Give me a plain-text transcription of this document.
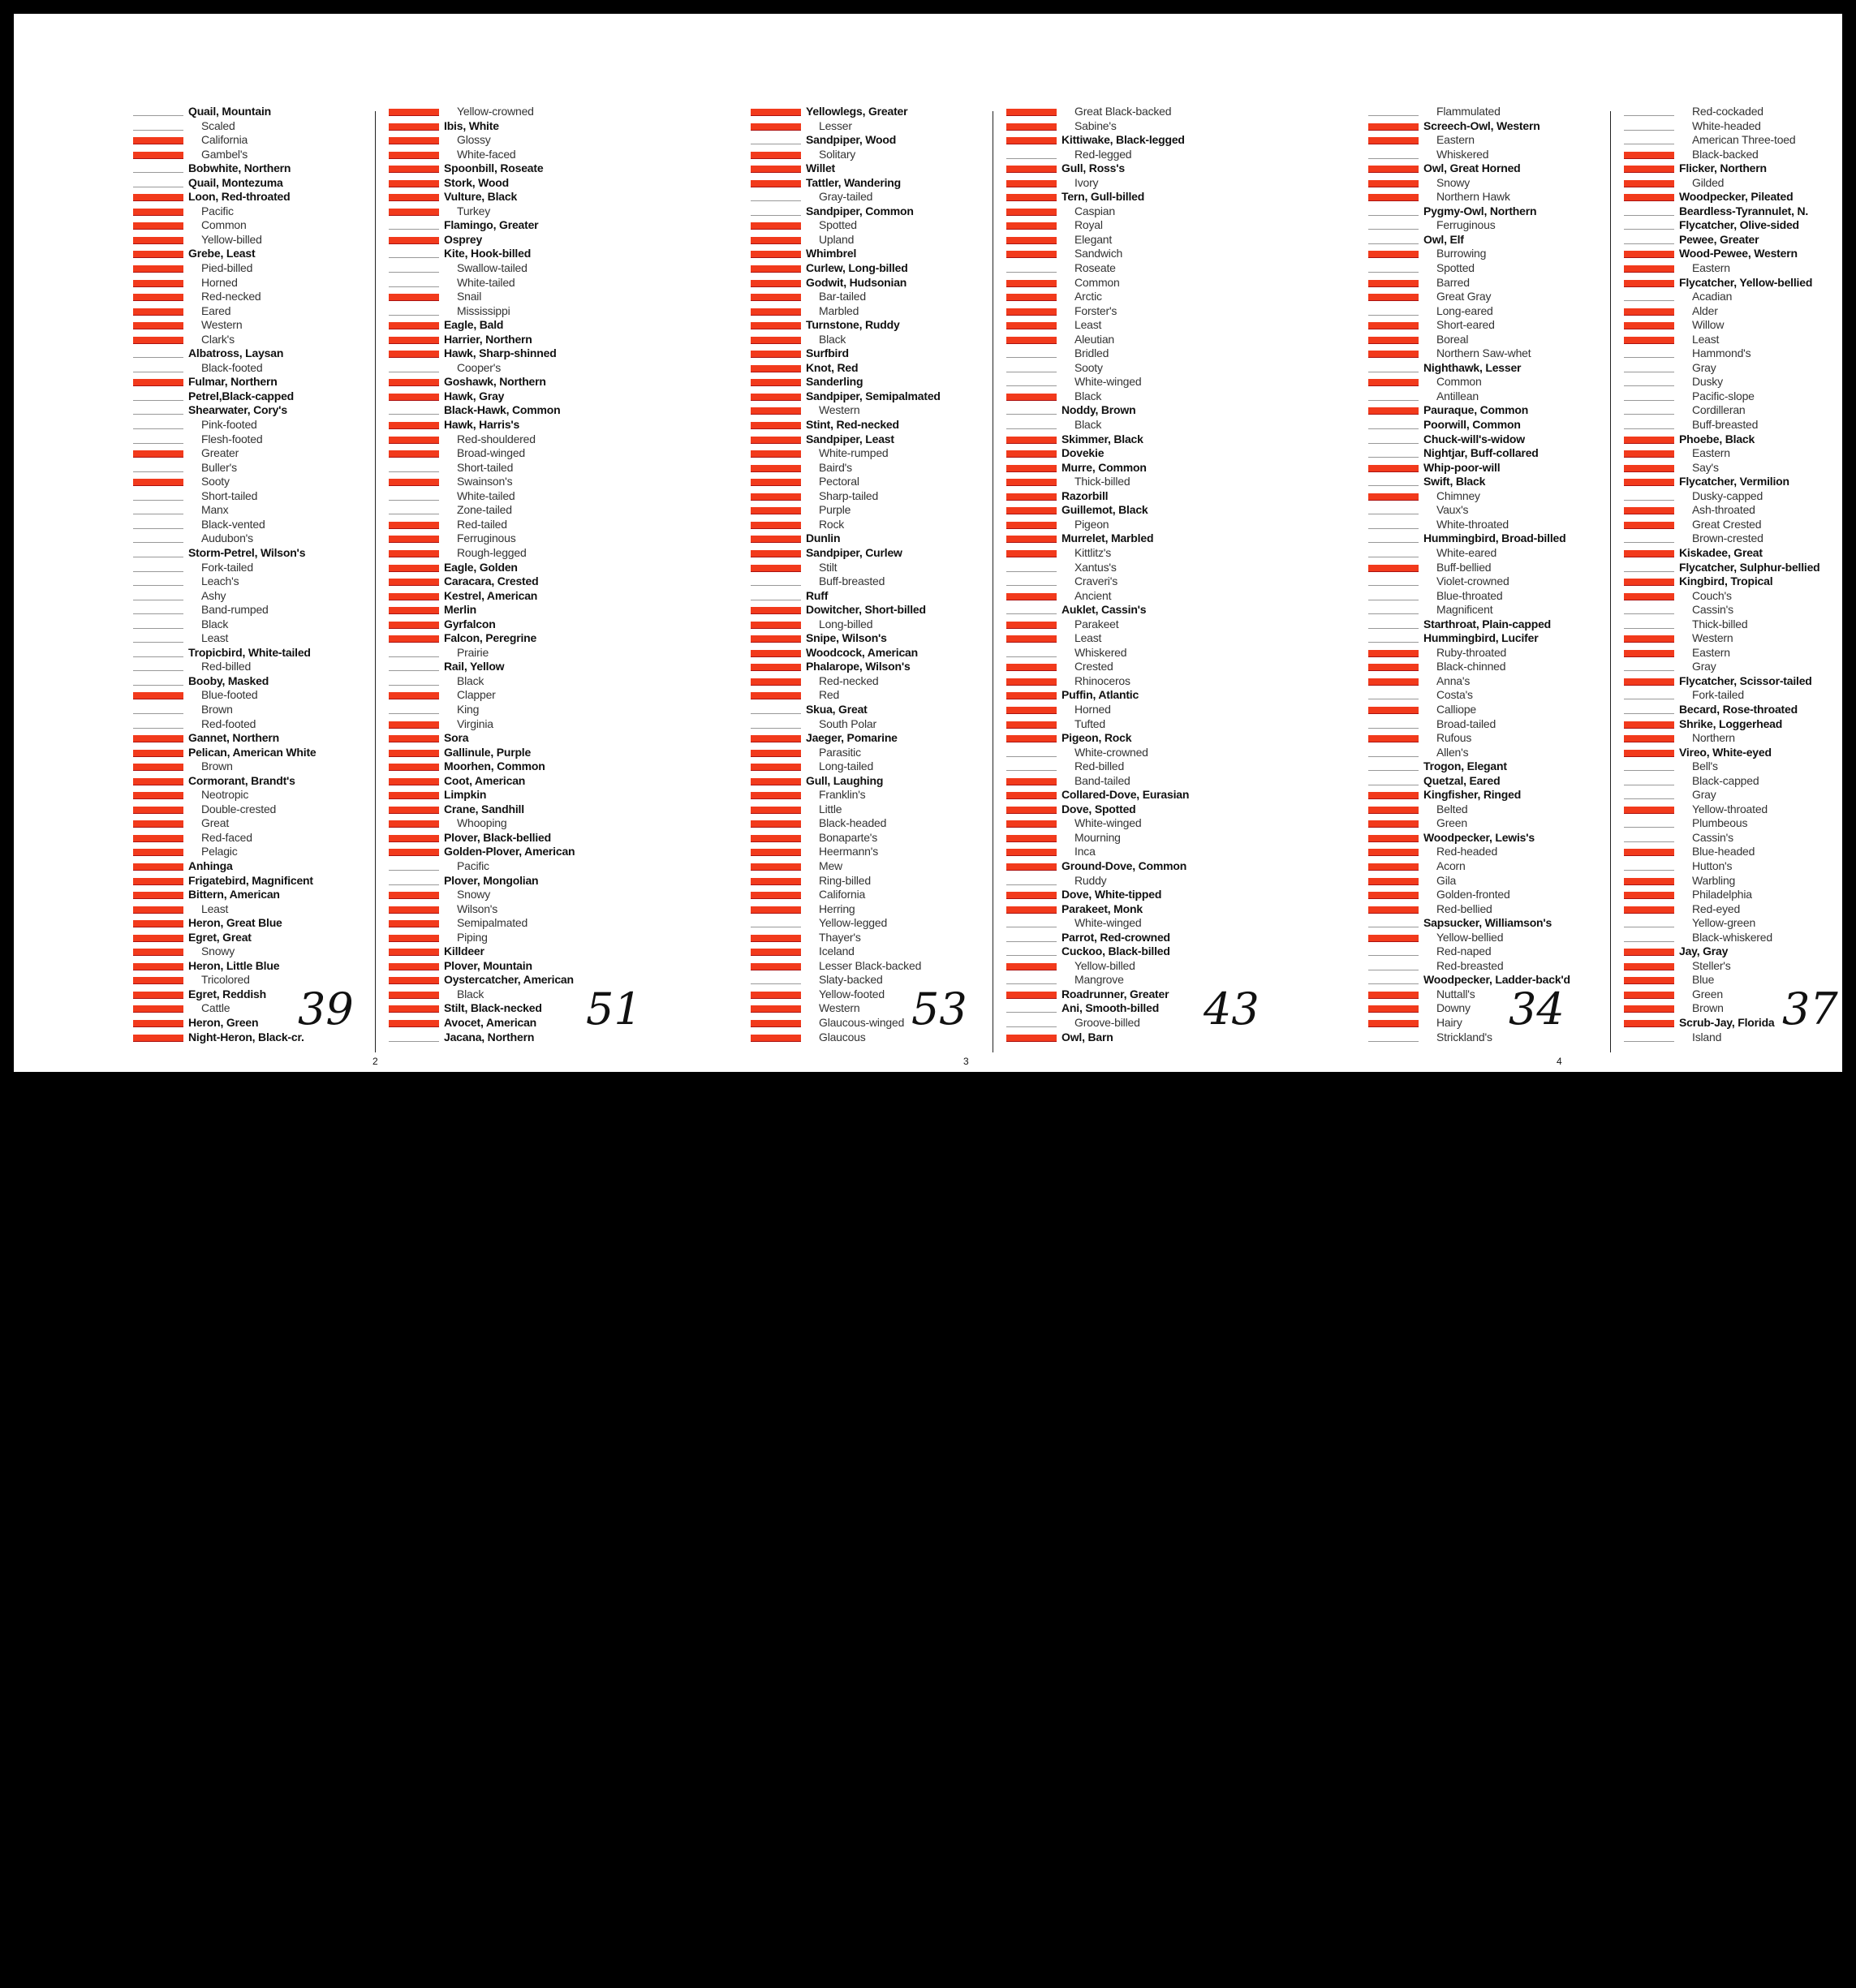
Quail, Mountain
Scaled
California
Gambel's
Bobwhite, Northern
Quail, Montezuma
Loon, Red-throated
Pacific
Common
Yellow-billed
Grebe, Least
Pied-billed
Horned
Red-necked
Eared
Western
Clark's
Albatross, Laysan
Black-footed
Fulmar, Northern
Petrel,Black-capped
Shearwater, Cory's
Pink-footed
Flesh-footed
Greater
Buller's
Sooty
Short-tailed
Manx
Black-vented
Audubon's
Storm-Petrel, Wilson's
Fork-tailed
Leach's
Ashy
Band-rumped
Black
Least
Tropicbird, White-tailed
Red-billed
Booby, Masked
Blue-footed
Brown
Red-footed
Gannet, Northern
Pelican, American White
Brown
Cormorant, Brandt's
Neotropic
Double-crested
Great
Red-faced
Pelagic
Anhinga
Frigatebird, Magnificent
Bittern, American
Least
Heron, Great Blue
Egret, Great
Snowy
Heron, Little Blue
Tricolored
Egret, Reddish
Cattle
Heron, Green
Night-Heron, Black-cr.
Yellow-crowned
Ibis, White
Glossy
White-faced
Spoonbill, Roseate
Stork, Wood
Vulture, Black
Turkey
Flamingo, Greater
Osprey
Kite, Hook-billed
Swallow-tailed
White-tailed
Snail
Mississippi
Eagle, Bald
Harrier, Northern
Hawk, Sharp-shinned
Cooper's
Goshawk, Northern
Hawk, Gray
Black-Hawk, Common
Hawk, Harris's
Red-shouldered
Broad-winged
Short-tailed
Swainson's
White-tailed
Zone-tailed
Red-tailed
Ferruginous
Rough-legged
Eagle, Golden
Caracara, Crested
Kestrel, American
Merlin
Gyrfalcon
Falcon, Peregrine
Prairie
Rail, Yellow
Black
Clapper
King
Virginia
Sora
Gallinule, Purple
Moorhen, Common
Coot, American
Limpkin
Crane, Sandhill
Whooping
Plover, Black-bellied
Golden-Plover, American
Pacific
Plover, Mongolian
Snowy
Wilson's
Semipalmated
Piping
Killdeer
Plover, Mountain
Oystercatcher, American
Black
Stilt, Black-necked
Avocet, American
Jacana, Northern
39	51
Yellowlegs, Greater
Lesser
Sandpiper, Wood
Solitary
Willet
Tattler, Wandering
Gray-tailed
Sandpiper, Common
Spotted
Upland
Whimbrel
Curlew, Long-billed
Godwit, Hudsonian
Bar-tailed
Marbled
Turnstone, Ruddy
Black
Surfbird
Knot, Red
Sanderling
Sandpiper, Semipalmated
Western
Stint, Red-necked
Sandpiper, Least
White-rumped
Baird's
Pectoral
Sharp-tailed
Purple
Rock
Dunlin
Sandpiper, Curlew
Stilt
Buff-breasted
Ruff
Dowitcher, Short-billed
Long-billed
Snipe, Wilson's
Woodcock, American
Phalarope, Wilson's
Red-necked
Red
Skua, Great
South Polar
Jaeger, Pomarine
Parasitic
Long-tailed
Gull, Laughing
Franklin's
Little
Black-headed
Bonaparte's
Heermann's
Mew
Ring-billed
California
Herring
Yellow-legged
Thayer's
Iceland
Lesser Black-backed
Slaty-backed
Yellow-footed
Western
Glaucous-winged
Glaucous
Great Black-backed
Sabine's
Kittiwake, Black-legged
Red-legged
Gull, Ross's
Ivory
Tern, Gull-billed
Caspian
Royal
Elegant
Sandwich
Roseate
Common
Arctic
Forster's
Least
Aleutian
Bridled
Sooty
White-winged
Black
Noddy, Brown
Black
Skimmer, Black
Dovekie
Murre, Common
Thick-billed
Razorbill
Guillemot, Black
Pigeon
Murrelet, Marbled
Kittlitz's
Xantus's
Craveri's
Ancient
Auklet, Cassin's
Parakeet
Least
Whiskered
Crested
Rhinoceros
Puffin, Atlantic
Horned
Tufted
Pigeon, Rock
White-crowned
Red-billed
Band-tailed
Collared-Dove, Eurasian
Dove, Spotted
White-winged
Mourning
Inca
Ground-Dove, Common
Ruddy
Dove, White-tipped
Parakeet, Monk
White-winged
Parrot, Red-crowned
Cuckoo, Black-billed
Yellow-billed
Mangrove
Roadrunner, Greater
Ani, Smooth-billed
Groove-billed
Owl, Barn
53	43
Flammulated
Screech-Owl, Western
Eastern
Whiskered
Owl, Great Horned
Snowy
Northern Hawk
Pygmy-Owl, Northern
Ferruginous
Owl, Elf
Burrowing
Spotted
Barred
Great Gray
Long-eared
Short-eared
Boreal
Northern Saw-whet
Nighthawk, Lesser
Common
Antillean
Pauraque, Common
Poorwill, Common
Chuck-will's-widow
Nightjar, Buff-collared
Whip-poor-will
Swift, Black
Chimney
Vaux's
White-throated
Hummingbird, Broad-billed
White-eared
Buff-bellied
Violet-crowned
Blue-throated
Magnificent
Starthroat, Plain-capped
Hummingbird, Lucifer
Ruby-throated
Black-chinned
Anna's
Costa's
Calliope
Broad-tailed
Rufous
Allen's
Trogon, Elegant
Quetzal, Eared
Kingfisher, Ringed
Belted
Green
Woodpecker, Lewis's
Red-headed
Acorn
Gila
Golden-fronted
Red-bellied
Sapsucker, Williamson's
Yellow-bellied
Red-naped
Red-breasted
Woodpecker, Ladder-back'd
Nuttall's
Downy
Hairy
Strickland's
Red-cockaded
White-headed
American Three-toed
Black-backed
Flicker, Northern
Gilded
Woodpecker, Pileated
Beardless-Tyrannulet, N.
Flycatcher, Olive-sided
Pewee, Greater
Wood-Pewee, Western
Eastern
Flycatcher, Yellow-bellied
Acadian
Alder
Willow
Least
Hammond's
Gray
Dusky
Pacific-slope
Cordilleran
Buff-breasted
Phoebe, Black
Eastern
Say's
Flycatcher, Vermilion
Dusky-capped
Ash-throated
Great Crested
Brown-crested
Kiskadee, Great
Flycatcher, Sulphur-bellied
Kingbird, Tropical
Couch's
Cassin's
Thick-billed
Western
Eastern
Gray
Flycatcher, Scissor-tailed
Fork-tailed
Becard, Rose-throated
Shrike, Loggerhead
Northern
Vireo, White-eyed
Bell's
Black-capped
Gray
Yellow-throated
Plumbeous
Cassin's
Blue-headed
Hutton's
Warbling
Philadelphia
Red-eyed
Yellow-green
Black-whiskered
Jay, Gray
Steller's
Blue
Green
Brown
Scrub-Jay, Florida
Island
34	37
2	3	4
